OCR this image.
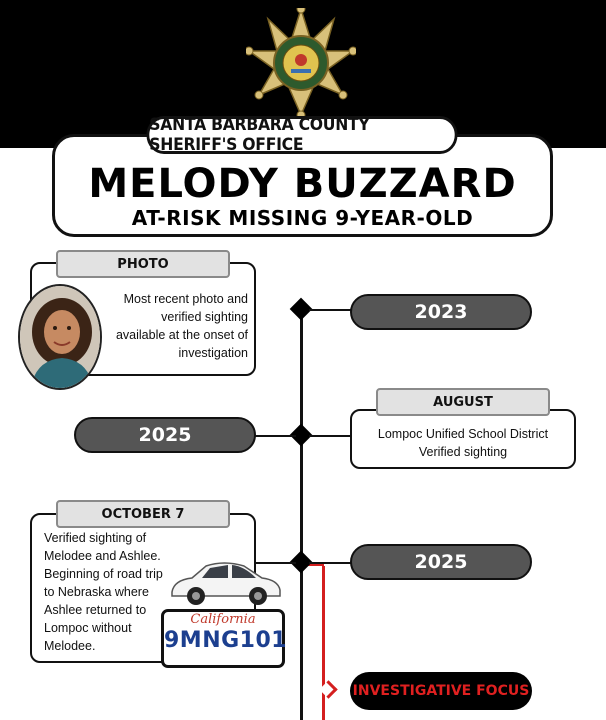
MELODY BUZZARD
AT-RISK MISSING 9-YEAR-OLD
SANTA BARBARA COUNTY SHERIFF'S OFFICE
Most recent photo and verified sighting available at the onset of investigation
PHOTO
2023
2025	Lompoc Unified School District Verified sighting
AUGUST
Verified sighting of Melodee and Ashlee. Beginning of road trip to Nebraska where Ashlee returned to Lompoc without Melodee.
OCTOBER 7
2025
California
9MNG101
INVESTIGATIVE FOCUS
